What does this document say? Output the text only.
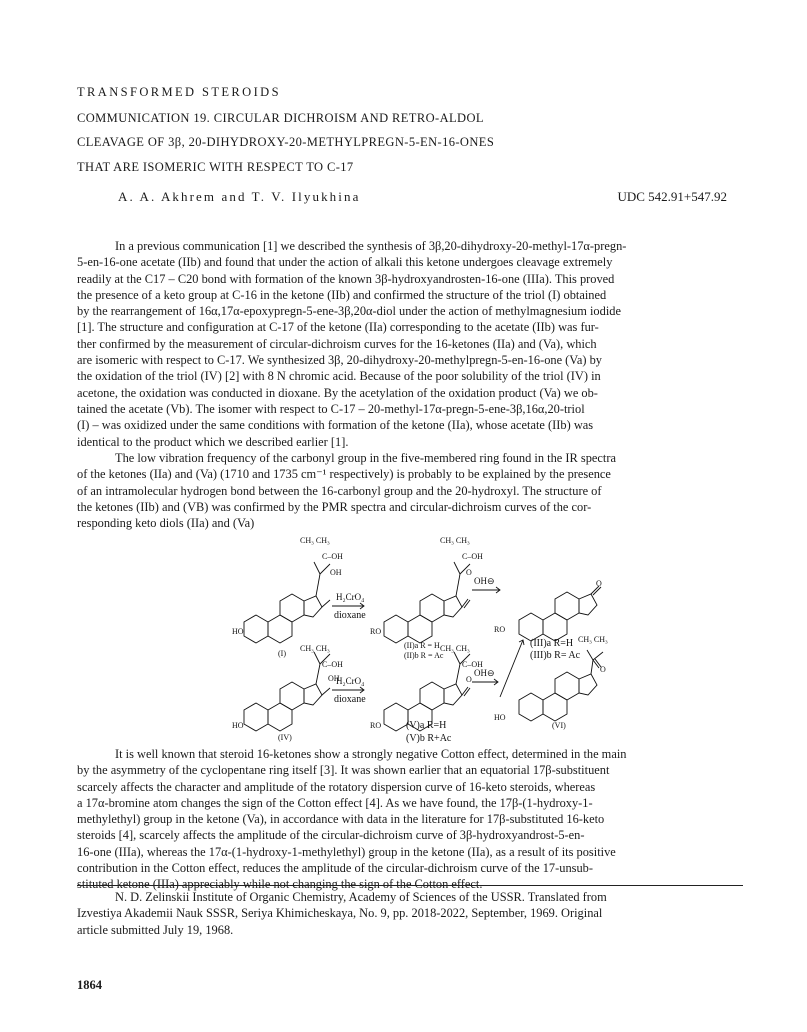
TRANSFORMED STEROIDS
COMMUNICATION 19. CIRCULAR DICHROISM AND RETRO-ALDOL
CLEAVAGE OF 3β, 20-DIHYDROXY-20-METHYLPREGN-5-EN-16-ONES
THAT ARE ISOMERIC WITH RESPECT TO C-17
A. A. Akhrem and T. V. Ilyukhina	UDC 542.91+547.92
In a previous communication [1] we described the synthesis of 3β,20-dihydroxy-20-methyl-17α-pregn-
5-en-16-one acetate (IIb) and found that under the action of alkali this ketone undergoes cleavage extremely
readily at the C17 – C20 bond with formation of the known 3β-hydroxyandrosten-16-one (IIIa). This proved
the presence of a keto group at C-16 in the ketone (IIb) and confirmed the structure of the triol (I) obtained
by the rearrangement of 16α,17α-epoxypregn-5-ene-3β,20α-diol under the action of methylmagnesium iodide
[1]. The structure and configuration at C-17 of the ketone (IIa) corresponding to the acetate (IIb) was fur-
ther confirmed by the measurement of circular-dichroism curves for the 16-ketones (IIa) and (Va), which
are isomeric with respect to C-17. We synthesized 3β, 20-dihydroxy-20-methylpregn-5-en-16-one (Va) by
the oxidation of the triol (IV) [2] with 8 N chromic acid. Because of the poor solubility of the triol (IV) in
acetone, the oxidation was conducted in dioxane. By the acetylation of the oxidation product (Va) we ob-
tained the acetate (Vb). The isomer with respect to C-17 – 20-methyl-17α-pregn-5-ene-3β,16α,20-triol
(I) – was oxidized under the same conditions with formation of the ketone (IIa), whose acetate (IIb) was
identical to the product which we described earlier [1].
The low vibration frequency of the carbonyl group in the five-membered ring found in the IR spectra
of the ketones (IIa) and (Va) (1710 and 1735 cm⁻¹ respectively) is probably to be explained by the presence
of an intramolecular hydrogen bond between the 16-carbonyl group and the 20-hydroxyl. The structure of
the ketones (IIb) and (VB) was confirmed by the PMR spectra and circular-dichroism curves of the cor-
responding keto diols (IIa) and (Va)
CH₃ CH₃
C–OH
OH
HO
CH₃ CH₃
C–OH
O
RO
O
RO
CH₃ CH₃
C–OH
OH
HO
CH₃ CH₃
C–OH
O
RO
CH₃ CH₃
O
HO
H₂CrO₄
dioxane
OH⊖
H₂CrO₄
dioxane
OH⊖
(I)
(II)a R = H
(II)b R = Ac
(III)a R=H
(III)b R= Ac
(IV)
(V)a R=H
(V)b R+Ac
(VI)
It is well known that steroid 16-ketones show a strongly negative Cotton effect, determined in the main
by the asymmetry of the cyclopentane ring itself [3]. It was shown earlier that an equatorial 17β-substituent
scarcely affects the character and amplitude of the rotatory dispersion curve of 16-keto steroids, whereas
a 17α-bromine atom changes the sign of the Cotton effect [4]. As we have found, the 17β-(1-hydroxy-1-
methylethyl) group in the ketone (Va), in accordance with data in the literature for 17β-substituted 16-keto
steroids [4], scarcely affects the amplitude of the circular-dichroism curve of 3β-hydroxyandrost-5-en-
16-one (IIIa), whereas the 17α-(1-hydroxy-1-methylethyl) group in the ketone (IIa), as a result of its positive
contribution in the Cotton effect, reduces the amplitude of the circular-dichroism curve of the 17-unsub-
stituted ketone (IIIa) appreciably while not changing the sign of the Cotton effect.
N. D. Zelinskii Institute of Organic Chemistry, Academy of Sciences of the USSR. Translated from
Izvestiya Akademii Nauk SSSR, Seriya Khimicheskaya, No. 9, pp. 2018-2022, September, 1969. Original
article submitted July 19, 1968.
1864
